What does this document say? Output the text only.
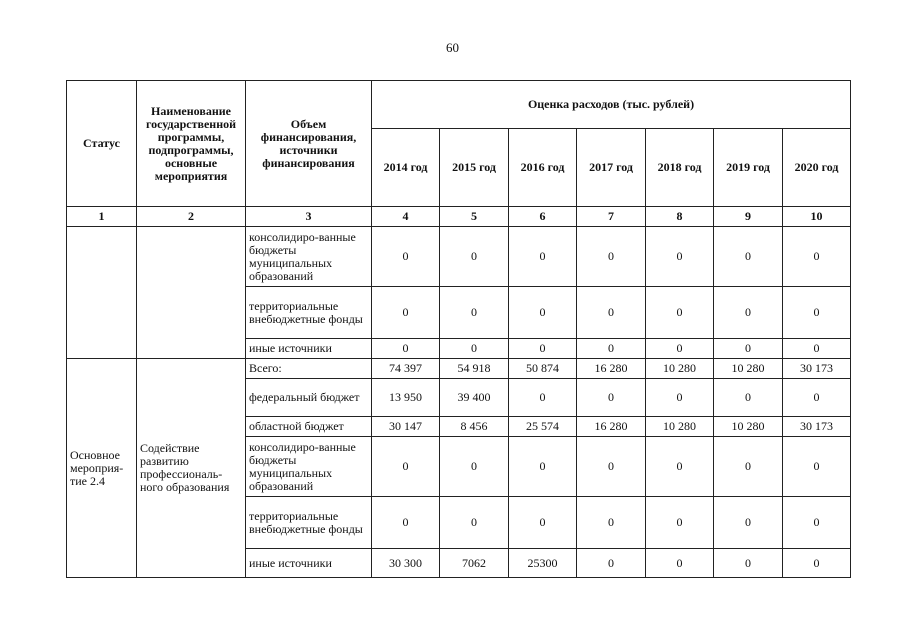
60
Статус	Наименование государственной программы, подпрограммы, основные мероприятия	Объем финансирования, источники финансирования	Оценка расходов (тыс. рублей)						
			2014 год	2015 год	2016 год	2017 год	2018 год	2019 год	2020 год
1	2	3	4	5	6	7	8	9	10
		консолидиро-ванные бюджеты муниципальных образований	0	0	0	0	0	0	0
		территориальные внебюджетные фонды	0	0	0	0	0	0	0
		иные источники	0	0	0	0	0	0	0
Основное мероприя-тие 2.4	Содействие развитию профессиональ-ного образования	Всего:	74 397	54 918	50 874	16 280	10 280	10 280	30 173
		федеральный бюджет	13 950	39 400	0	0	0	0	0
		областной бюджет	30 147	8 456	25 574	16 280	10 280	10 280	30 173
		консолидиро-ванные бюджеты муниципальных образований	0	0	0	0	0	0	0
		территориальные внебюджетные фонды	0	0	0	0	0	0	0
		иные источники	30 300	7062	25300	0	0	0	0
